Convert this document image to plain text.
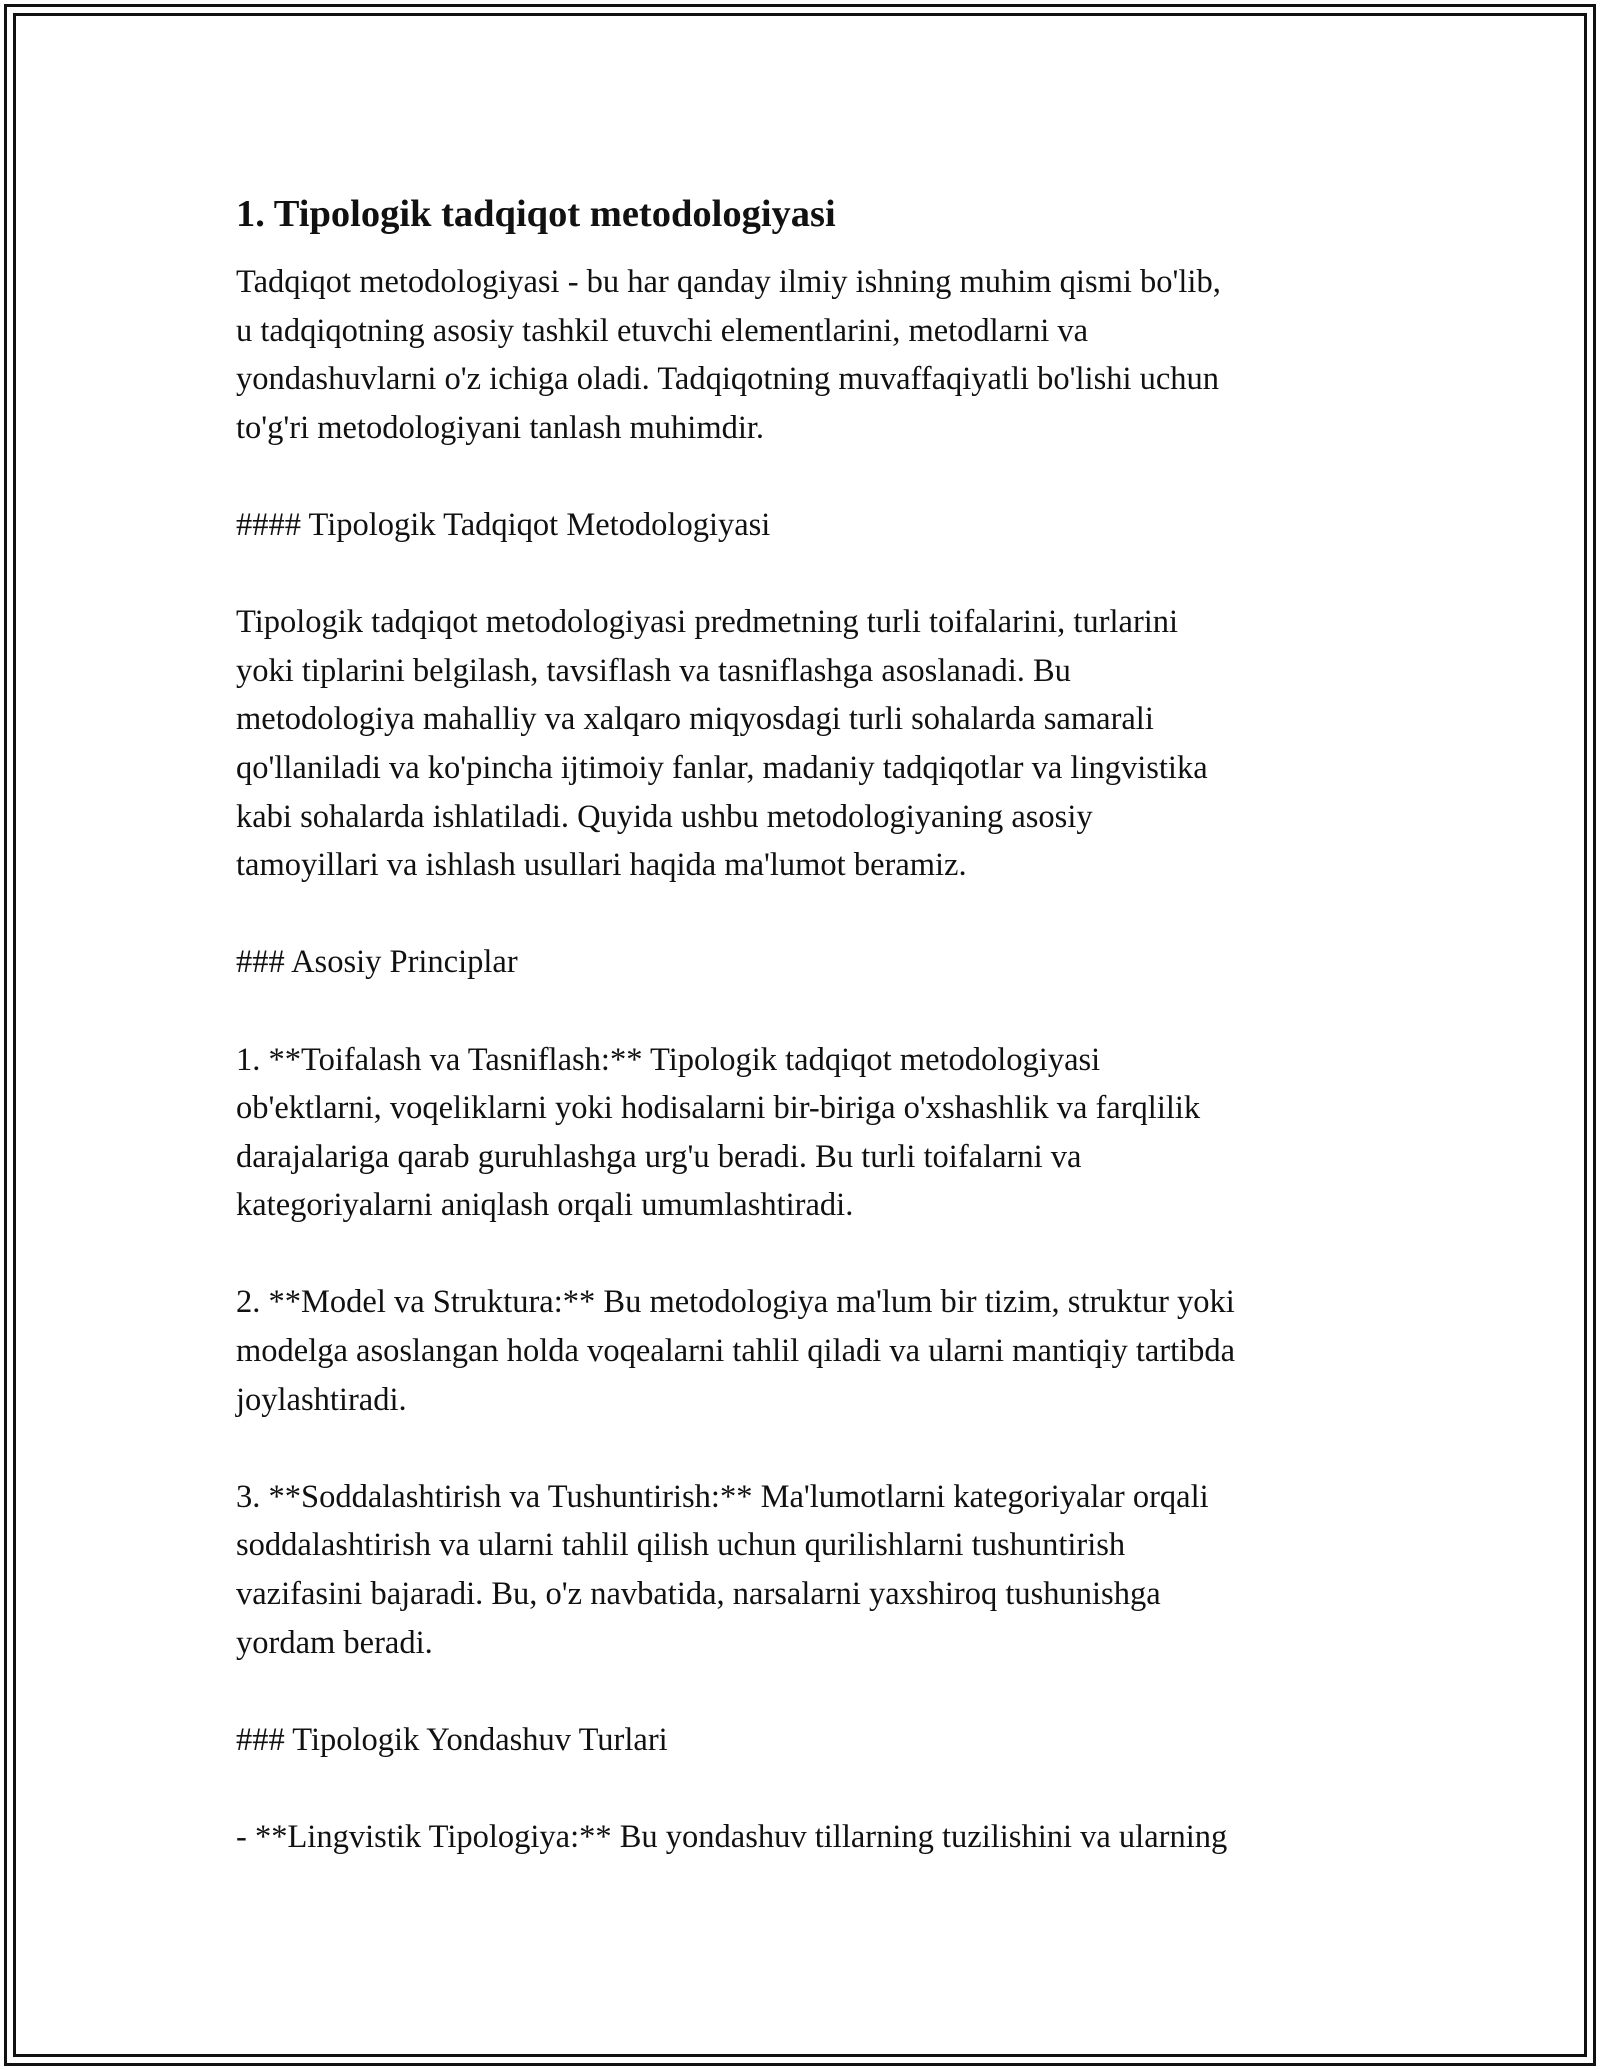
1. Tipologik tadqiqot metodologiyasi

Tadqiqot metodologiyasi - bu har qanday ilmiy ishning muhim qismi bo'lib,
u tadqiqotning asosiy tashkil etuvchi elementlarini, metodlarni va
yondashuvlarni o'z ichiga oladi. Tadqiqotning muvaffaqiyatli bo'lishi uchun
to'g'ri metodologiyani tanlash muhimdir.

#### Tipologik Tadqiqot Metodologiyasi

Tipologik tadqiqot metodologiyasi predmetning turli toifalarini, turlarini
yoki tiplarini belgilash, tavsiflash va tasniflashga asoslanadi. Bu
metodologiya mahalliy va xalqaro miqyosdagi turli sohalarda samarali
qo'llaniladi va ko'pincha ijtimoiy fanlar, madaniy tadqiqotlar va lingvistika
kabi sohalarda ishlatiladi. Quyida ushbu metodologiyaning asosiy
tamoyillari va ishlash usullari haqida ma'lumot beramiz.

### Asosiy Principlar

1. **Toifalash va Tasniflash:** Tipologik tadqiqot metodologiyasi
ob'ektlarni, voqeliklarni yoki hodisalarni bir-biriga o'xshashlik va farqlilik
darajalariga qarab guruhlashga urg'u beradi. Bu turli toifalarni va
kategoriyalarni aniqlash orqali umumlashtiradi.

2. **Model va Struktura:** Bu metodologiya ma'lum bir tizim, struktur yoki
modelga asoslangan holda voqealarni tahlil qiladi va ularni mantiqiy tartibda
joylashtiradi.

3. **Soddalashtirish va Tushuntirish:** Ma'lumotlarni kategoriyalar orqali
soddalashtirish va ularni tahlil qilish uchun qurilishlarni tushuntirish
vazifasini bajaradi. Bu, o'z navbatida, narsalarni yaxshiroq tushunishga
yordam beradi.

### Tipologik Yondashuv Turlari

- **Lingvistik Tipologiya:** Bu yondashuv tillarning tuzilishini va ularning
